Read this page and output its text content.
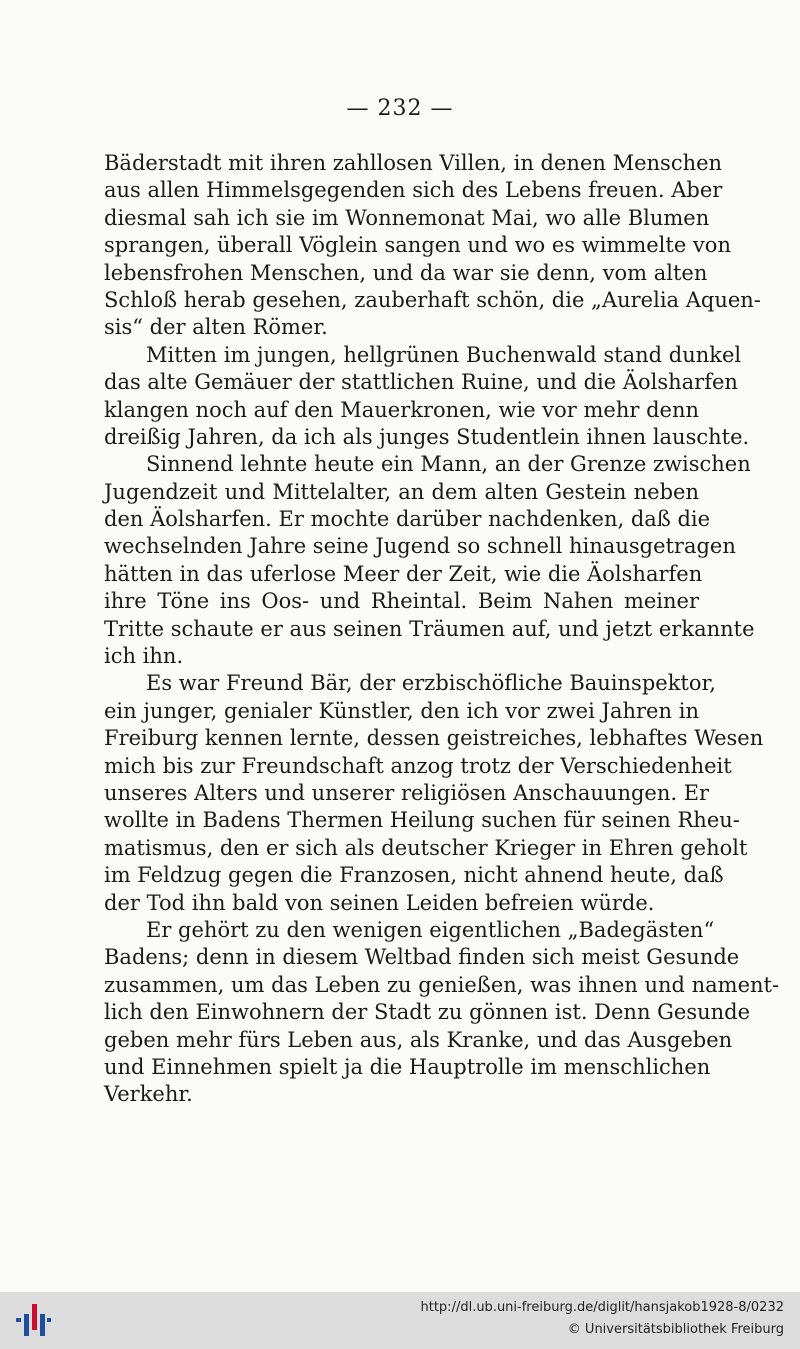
— 232 —
Bäderstadt mit ihren zahllosen Villen, in denen Menschen
aus allen Himmelsgegenden sich des Lebens freuen. Aber
diesmal sah ich sie im Wonnemonat Mai, wo alle Blumen
sprangen, überall Vöglein sangen und wo es wimmelte von
lebensfrohen Menschen, und da war sie denn, vom alten
Schloß herab gesehen, zauberhaft schön, die „Aurelia Aquen-
sis“ der alten Römer.
Mitten im jungen, hellgrünen Buchenwald stand dunkel
das alte Gemäuer der stattlichen Ruine, und die Äolsharfen
klangen noch auf den Mauerkronen, wie vor mehr denn
dreißig Jahren, da ich als junges Studentlein ihnen lauschte.
Sinnend lehnte heute ein Mann, an der Grenze zwischen
Jugendzeit und Mittelalter, an dem alten Gestein neben
den Äolsharfen. Er mochte darüber nachdenken, daß die
wechselnden Jahre seine Jugend so schnell hinausgetragen
hätten in das uferlose Meer der Zeit, wie die Äolsharfen
ihre Töne ins Oos- und Rheintal. Beim Nahen meiner
Tritte schaute er aus seinen Träumen auf, und jetzt erkannte
ich ihn.
Es war Freund Bär, der erzbischöfliche Bauinspektor,
ein junger, genialer Künstler, den ich vor zwei Jahren in
Freiburg kennen lernte, dessen geistreiches, lebhaftes Wesen
mich bis zur Freundschaft anzog trotz der Verschiedenheit
unseres Alters und unserer religiösen Anschauungen. Er
wollte in Badens Thermen Heilung suchen für seinen Rheu-
matismus, den er sich als deutscher Krieger in Ehren geholt
im Feldzug gegen die Franzosen, nicht ahnend heute, daß
der Tod ihn bald von seinen Leiden befreien würde.
Er gehört zu den wenigen eigentlichen „Badegästen“
Badens; denn in diesem Weltbad finden sich meist Gesunde
zusammen, um das Leben zu genießen, was ihnen und nament-
lich den Einwohnern der Stadt zu gönnen ist. Denn Gesunde
geben mehr fürs Leben aus, als Kranke, und das Ausgeben
und Einnehmen spielt ja die Hauptrolle im menschlichen
Verkehr.
http://dl.ub.uni-freiburg.de/diglit/hansjakob1928-8/0232
© Universitätsbibliothek Freiburg
